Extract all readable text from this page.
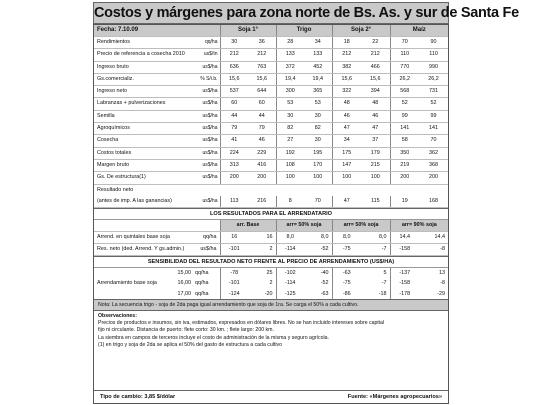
Costos y márgenes para zona norte de Bs. As. y sur de Santa Fe
Fecha: 7.10.09		Soja 1°		Trigo		Soja 2°		Maíz	
Rendimientos	qq/ha	30	36	28	34	18	22	70	90
Precio de referencia a cosecha 2010	us$/tn	212	212	133	133	212	212	110	110
Ingreso bruto	us$/ha	636	763	372	452	382	466	770	990
Gs.comercializ.	% S/i.b.	15,6	15,6	19,4	19,4	15,6	15,6	26,2	26,2
Ingreso neto	us$/ha	537	644	300	365	322	394	568	731
Labranzas + pulverizaciones	us$/ha	60	60	53	53	48	48	52	52
Semilla	us$/ha	44	44	30	30	46	46	99	99
Agroquímicos	us$/ha	79	79	82	82	47	47	141	141
Cosecha	us$/ha	41	46	27	30	34	37	58	70
Costos totales	us$/ha	224	229	192	195	175	179	350	362
Margen bruto	us$/ha	313	416	108	170	147	215	219	368
Gs. De estructura(1)	us$/ha	200	200	100	100	100	100	200	200
Resultado neto									
(antes de imp. A las ganancias)	us$/ha	113	216	8	70	47	115	19	168
LOS RESULTADOS PARA EL ARRENDATARIO
		arr. Base		arr= 50% soja		arr= 50% soja		arr= 90% soja	
Arrend. en quintales base soja	qq/ha	16	16	8,0	8,0	8,0	8,0	14,4	14,4
Res. neto (ded. Arrend. Y gs.admin.)	us$/ha	-101	2	-114	-52	-75	-7	-158	-8
SENSIBILIDAD DEL RESULTADO NETO FRENTE AL PRECIO DE ARRENDAMIENTO (US$/HA)
	15,00	qq/ha	-78	25	-102	-40	-63	5	-137	13
Arrendamiento base soja	16,00	qq/ha	-101	2	-114	-52	-75	-7	-158	-8
	17,00	qq/ha	-124	-20	-125	-63	-86	-18	-178	-29
Nota: La secuencia trigo - soja de 2da paga igual arrendamiento que soja de 1ra. Se carga el 50% a cada cultivo.
Observaciones:
Precios de productos e insumos, sin iva, estimados, expresados en dólares libres. No se han incluido intereses sobre capital
fijo ni circulante. Distancia de puerto: flete corto: 30 km. ; flete largo: 200 km.
La siembra en campos de terceros incluye el costo de administración de la misma y seguro agrícola.
(1) en trigo y soja de 2da se aplica el 50% del gasto de estructura a cada cultivo
Tipo de cambio: 3,85 $/dólar	Fuente: «Márgenes agropecuarios»
